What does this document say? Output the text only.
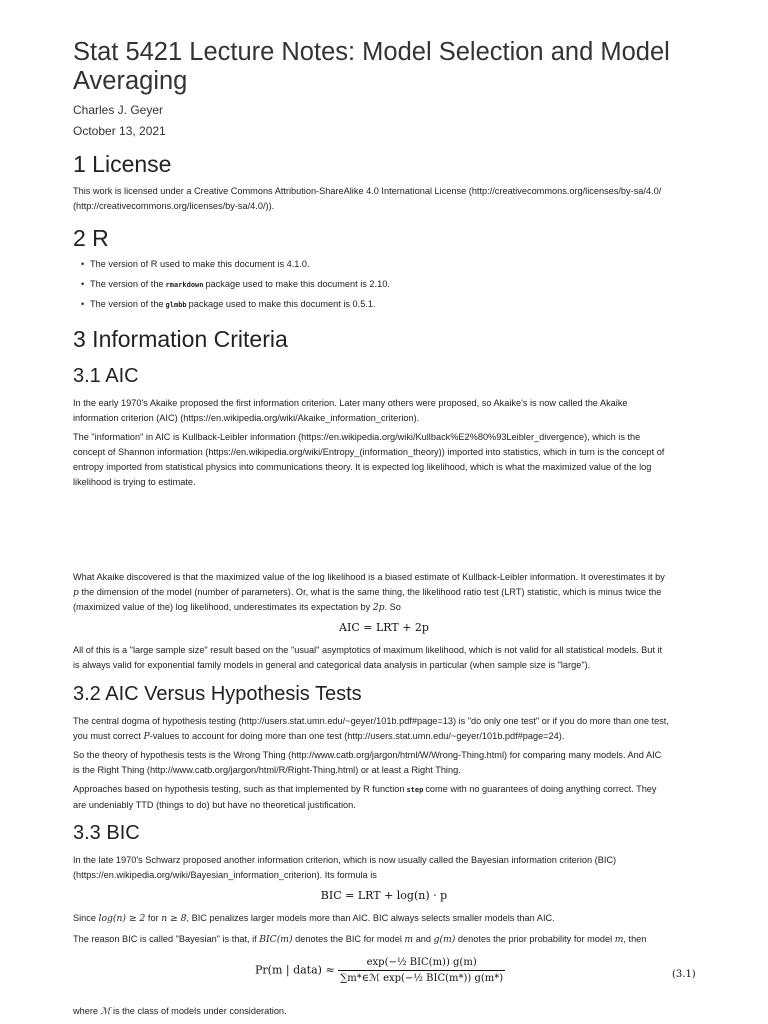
Stat 5421 Lecture Notes: Model Selection and Model Averaging
Charles J. Geyer
October 13, 2021
1 License
This work is licensed under a Creative Commons Attribution-ShareAlike 4.0 International License (http://creativecommons.org/licenses/by-sa/4.0/
(http://creativecommons.org/licenses/by-sa/4.0/)).
2 R
• The version of R used to make this document is 4.1.0.
• The version of the rmarkdown package used to make this document is 2.10.
• The version of the glmbb package used to make this document is 0.5.1.
3 Information Criteria
3.1 AIC
In the early 1970's Akaike proposed the first information criterion. Later many others were proposed, so Akaike's is now called the Akaike
information criterion (AIC) (https://en.wikipedia.org/wiki/Akaike_information_criterion).
The "information" in AIC is Kullback-Leibler information (https://en.wikipedia.org/wiki/Kullback%E2%80%93Leibler_divergence), which is the
concept of Shannon information (https://en.wikipedia.org/wiki/Entropy_(information_theory)) imported into statistics, which in turn is the concept of
entropy imported from statistical physics into communications theory. It is expected log likelihood, which is what the maximized value of the log
likelihood is trying to estimate.
What Akaike discovered is that the maximized value of the log likelihood is a biased estimate of Kullback-Leibler information. It overestimates it by
p the dimension of the model (number of parameters). Or, what is the same thing, the likelihood ratio test (LRT) statistic, which is minus twice the
(maximized value of the) log likelihood, underestimates its expectation by 2p. So
AIC = LRT + 2p
All of this is a "large sample size" result based on the "usual" asymptotics of maximum likelihood, which is not valid for all statistical models. But it
is always valid for exponential family models in general and categorical data analysis in particular (when sample size is "large").
3.2 AIC Versus Hypothesis Tests
The central dogma of hypothesis testing (http://users.stat.umn.edu/~geyer/101b.pdf#page=13) is "do only one test" or if you do more than one test,
you must correct P-values to account for doing more than one test (http://users.stat.umn.edu/~geyer/101b.pdf#page=24).
So the theory of hypothesis tests is the Wrong Thing (http://www.catb.org/jargon/html/W/Wrong-Thing.html) for comparing many models. And AIC
is the Right Thing (http://www.catb.org/jargon/html/R/Right-Thing.html) or at least a Right Thing.
Approaches based on hypothesis testing, such as that implemented by R function step come with no guarantees of doing anything correct. They
are undeniably TTD (things to do) but have no theoretical justification.
3.3 BIC
In the late 1970's Schwarz proposed another information criterion, which is now usually called the Bayesian information criterion (BIC)
(https://en.wikipedia.org/wiki/Bayesian_information_criterion). Its formula is
BIC = LRT + log(n) · p
Since log(n) ≥ 2 for n ≥ 8, BIC penalizes larger models more than AIC. BIC always selects smaller models than AIC.
The reason BIC is called "Bayesian" is that, if BIC(m) denotes the BIC for model m and g(m) denotes the prior probability for model m, then
Pr(m | data) ≈ $\frac{\text{exp(−½ BIC(m)) g(m)}}{\text{∑m*∈ℳ exp(−½ BIC(m*)) g(m*)}}$	(3.1)
where ℳ is the class of models under consideration.
